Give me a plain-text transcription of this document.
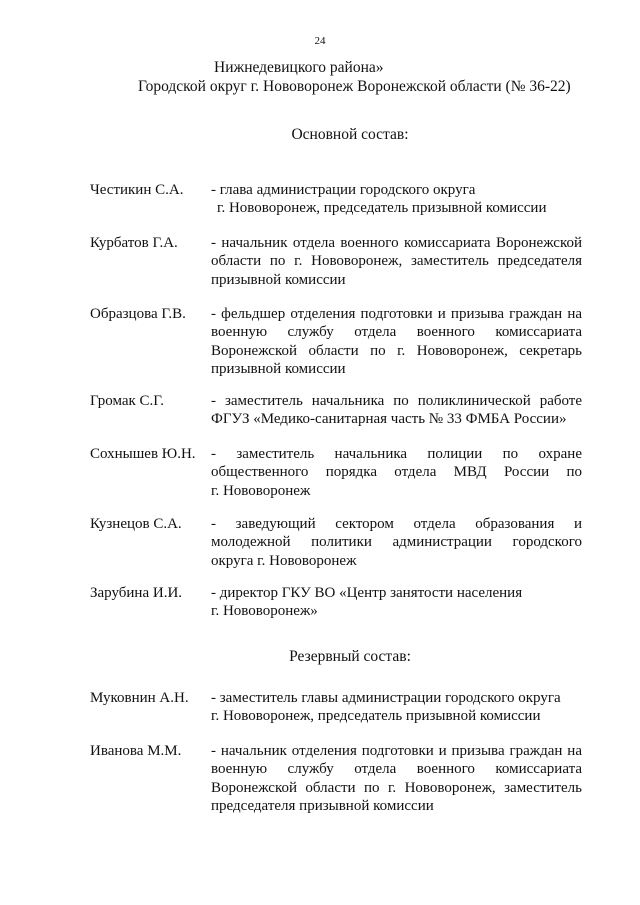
24
Нижнедевицкого района»
Городской округ г. Нововоронеж Воронежской области (№ 36-22)
Основной состав:
Честикин С.А. - глава администрации городского округа
г. Нововоронеж, председатель призывной комиссии
Курбатов Г.А. - начальник отдела военного комиссариата Воронежской
области по г. Нововоронеж, заместитель председателя
призывной комиссии
Образцова Г.В. - фельдшер отделения подготовки и призыва граждан на
военную службу отдела военного комиссариата
Воронежской области по г. Нововоронеж, секретарь
призывной комиссии
Громак С.Г.	- заместитель начальника по поликлинической работе
ФГУЗ «Медико-санитарная часть № 33 ФМБА России»
Сохнышев Ю.Н. - заместитель начальника полиции по охране
общественного порядка отдела МВД России по
г. Нововоронеж
Кузнецов С.А. - заведующий сектором отдела образования и
молодежной политики администрации городского
округа г. Нововоронеж
Зарубина И.И. - директор ГКУ ВО «Центр занятости населения
г. Нововоронеж»
Резервный состав:
Муковнин А.Н. - заместитель главы администрации городского округа
г. Нововоронеж, председатель призывной комиссии
Иванова М.М. - начальник отделения подготовки и призыва граждан на
военную службу отдела военного комиссариата
Воронежской области по г. Нововоронеж, заместитель
председателя призывной комиссии
